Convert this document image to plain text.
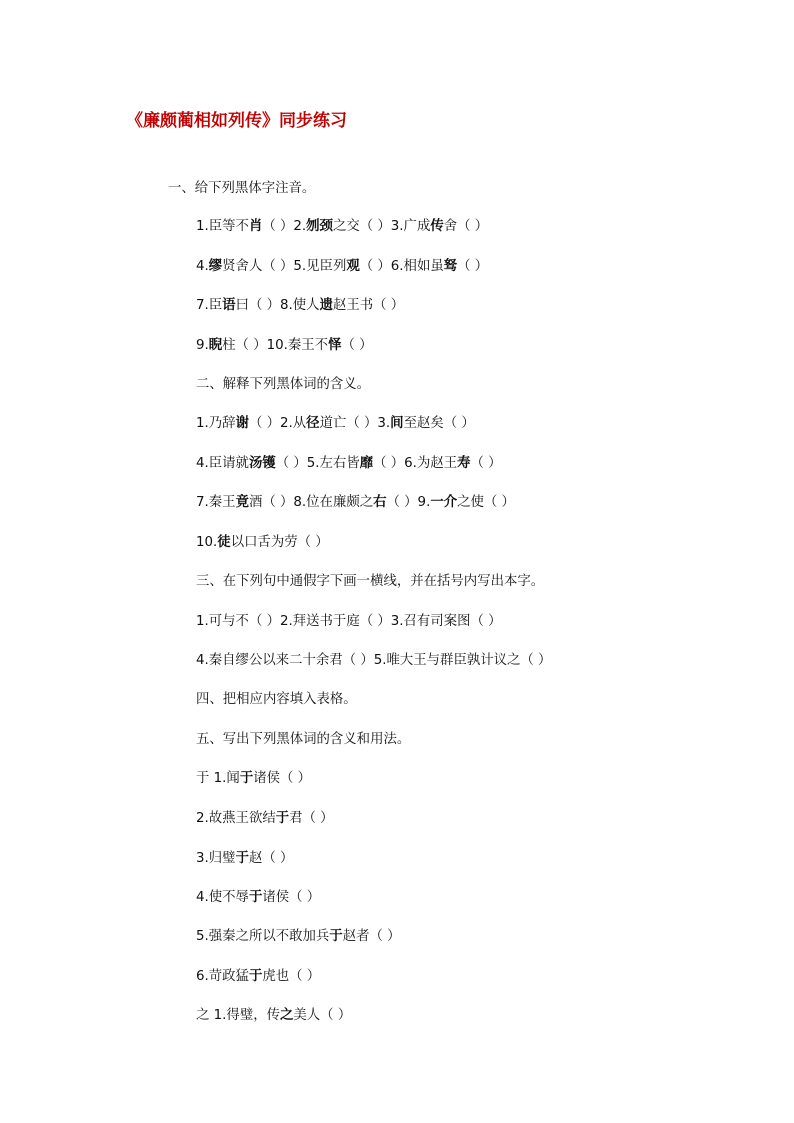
《廉颇蔺相如列传》同步练习
一、给下列黑体字注音。
1.臣等不肖（ ）2.刎颈之交（ ）3.广成传舍（ ）
4.缪贤舍人（ ）5.见臣列观（ ）6.相如虽驽（ ）
7.臣语曰（ ）8.使人遗赵王书（ ）
9.睨柱（ ）10.秦王不怿（ ）
二、解释下列黑体词的含义。
1.乃辞谢（ ）2.从径道亡（ ）3.间至赵矣（ ）
4.臣请就汤镬（ ）5.左右皆靡（ ）6.为赵王寿（ ）
7.秦王竟酒（ ）8.位在廉颇之右（ ）9.一介之使（ ）
10.徒以口舌为劳（ ）
三、在下列句中通假字下画一横线，并在括号内写出本字。
1.可与不（ ）2.拜送书于庭（ ）3.召有司案图（ ）
4.秦自缪公以来二十余君（ ）5.唯大王与群臣孰计议之（ ）
四、把相应内容填入表格。
五、写出下列黑体词的含义和用法。
于 1.闻于诸侯（ ）
2.故燕王欲结于君（ ）
3.归璧于赵（ ）
4.使不辱于诸侯（ ）
5.强秦之所以不敢加兵于赵者（ ）
6.苛政猛于虎也（ ）
之 1.得璧，传之美人（ ）
